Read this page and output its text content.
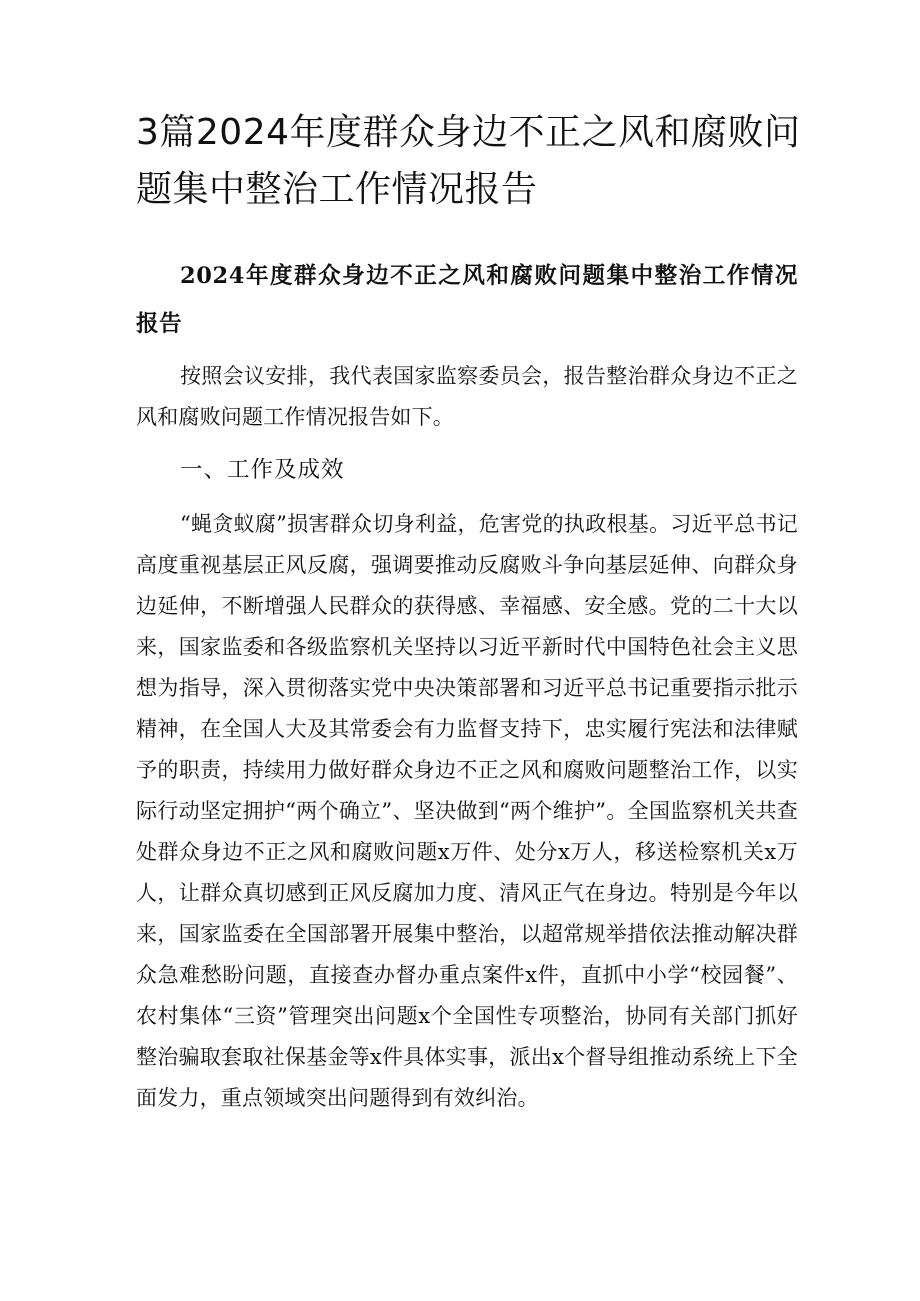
3篇2024年度群众身边不正之风和腐败问题集中整治工作情况报告
2024年度群众身边不正之风和腐败问题集中整治工作情况报告

按照会议安排，我代表国家监察委员会，报告整治群众身边不正之风和腐败问题工作情况报告如下。

一、工作及成效

“蝇贪蚁腐”损害群众切身利益，危害党的执政根基。习近平总书记高度重视基层正风反腐，强调要推动反腐败斗争向基层延伸、向群众身边延伸，不断增强人民群众的获得感、幸福感、安全感。党的二十大以来，国家监委和各级监察机关坚持以习近平新时代中国特色社会主义思想为指导，深入贯彻落实党中央决策部署和习近平总书记重要指示批示精神，在全国人大及其常委会有力监督支持下，忠实履行宪法和法律赋予的职责，持续用力做好群众身边不正之风和腐败问题整治工作，以实际行动坚定拥护“两个确立”、坚决做到“两个维护”。全国监察机关共查处群众身边不正之风和腐败问题x万件、处分x万人，移送检察机关x万人，让群众真切感到正风反腐加力度、清风正气在身边。特别是今年以来，国家监委在全国部署开展集中整治，以超常规举措依法推动解决群众急难愁盼问题，直接查办督办重点案件x件，直抓中小学“校园餐”、农村集体“三资”管理突出问题x个全国性专项整治，协同有关部门抓好整治骗取套取社保基金等x件具体实事，派出x个督导组推动系统上下全面发力，重点领域突出问题得到有效纠治。
